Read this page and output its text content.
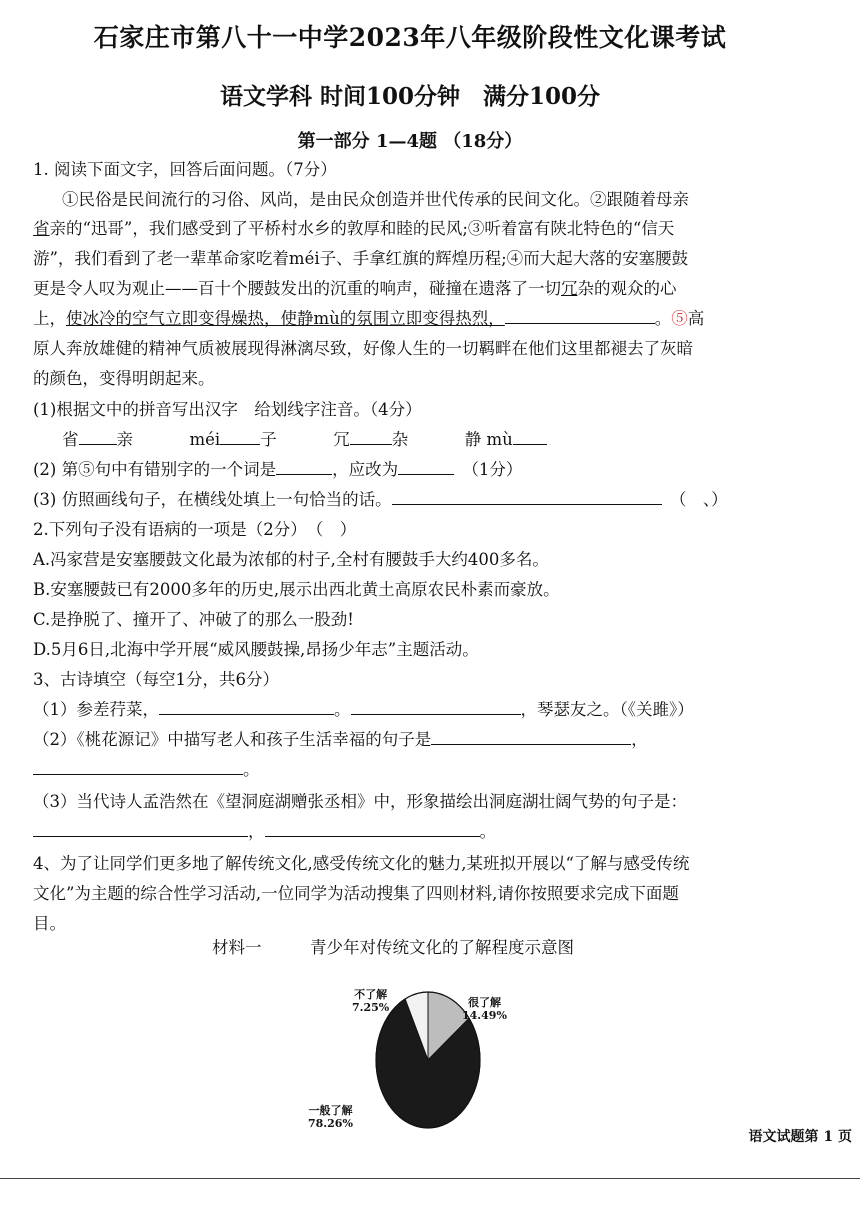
石家庄市第八十一中学2023年八年级阶段性文化课考试
语文学科 时间100分钟　满分100分
第一部分 1—4题 （18分）
1. 阅读下面文字，回答后面问题。（7分）
①民俗是民间流行的习俗、风尚，是由民众创造并世代传承的民间文化。②跟随着母亲
省亲的“迅哥”，我们感受到了平桥村水乡的敦厚和睦的民风;③听着富有陕北特色的“信天
游”，我们看到了老一辈革命家吃着méi子、手拿红旗的辉煌历程;④而大起大落的安塞腰鼓
更是令人叹为观止——百十个腰鼓发出的沉重的响声，碰撞在遗落了一切冗杂的观众的心
上，使冰冷的空气立即变得燥热，使静mù的氛围立即变得热烈，	。⑤高
原人奔放雄健的精神气质被展现得淋漓尽致，好像人生的一切羁畔在他们这里都褪去了灰暗
的颜色，变得明朗起来。
(1)根据文中的拼音写出汉字　给划线字注音。（4分）
省 亲	méi 子	冗	杂	静 mù
(2) 第⑤句中有错别字的一个词是	，应改为　	（1分）
(3) 仿照画线句子，在横线处填上一句恰当的话。　	（　、）
2.下列句子没有语病的一项是（2分）　（　）
A.冯家营是安塞腰鼓文化最为浓郁的村子,全村有腰鼓手大约400多名。
B.安塞腰鼓已有2000多年的历史,展示出西北黄土高原农民朴素而豪放。
C.是挣脱了、撞开了、冲破了的那么一股劲!
D.5月6日,北海中学开展“威风腰鼓操,昂扬少年志”主题活动。
3、古诗填空（每空1分，共6分）
（1）参差荇菜，	。	，琴瑟友之。（《关雎》）
（2）《桃花源记》中描写老人和孩子生活幸福的句子是	，
。
（3）当代诗人孟浩然在《望洞庭湖赠张丞相》中，形象描绘出洞庭湖壮阔气势的句子是：
，	。
4、为了让同学们更多地了解传统文化,感受传统文化的魅力,某班拟开展以“了解与感受传统
文化”为主题的综合性学习活动,一位同学为活动搜集了四则材料,请你按照要求完成下面题
目。
材料一	青少年对传统文化的了解程度示意图
不了解
7.25%	很了解
14.49%
一般了解
78.26%
语文试题第 1 页
